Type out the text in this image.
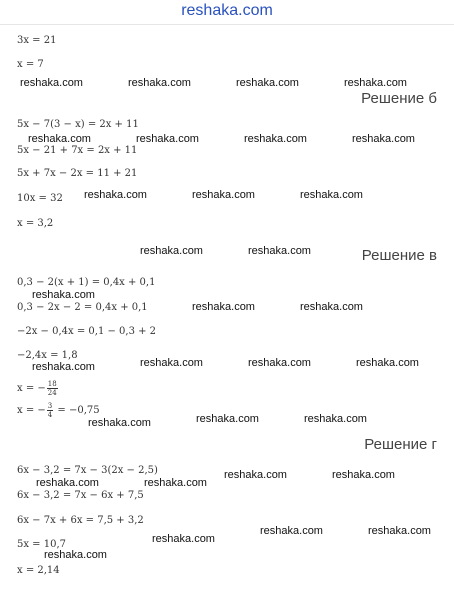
reshaka.com
3x = 21
x = 7
Решение б
5x − 7(3 − x) = 2x + 11
5x − 21 + 7x = 2x + 11
5x + 7x − 2x = 11 + 21
10x = 32
x = 3,2
Решение в
0,3 − 2(x + 1) = 0,4x + 0,1
0,3 − 2x − 2 = 0,4x + 0,1
−2x − 0,4x = 0,1 − 0,3 + 2
−2,4x = 1,8
x = − $\frac{18}{24}$
x = − $\frac{3}{4} = -0,75$
Решение г
6x − 3,2 = 7x − 3(2x − 2,5)
6x − 3,2 = 7x − 6x + 7,5
6x − 7x + 6x = 7,5 + 3,2
5x = 10,7
x = 2,14
reshaka.com	reshaka.com	reshaka.com	reshaka.com
reshaka.com	reshaka.com	reshaka.com	reshaka.com
reshaka.com	reshaka.com	reshaka.com
reshaka.com	reshaka.com
reshaka.com
reshaka.com	reshaka.com
reshaka.com	reshaka.com	reshaka.com	reshaka.com
reshaka.com	reshaka.com
reshaka.com
reshaka.com	reshaka.com
reshaka.com	reshaka.com
reshaka.com	reshaka.com
reshaka.com
reshaka.com
